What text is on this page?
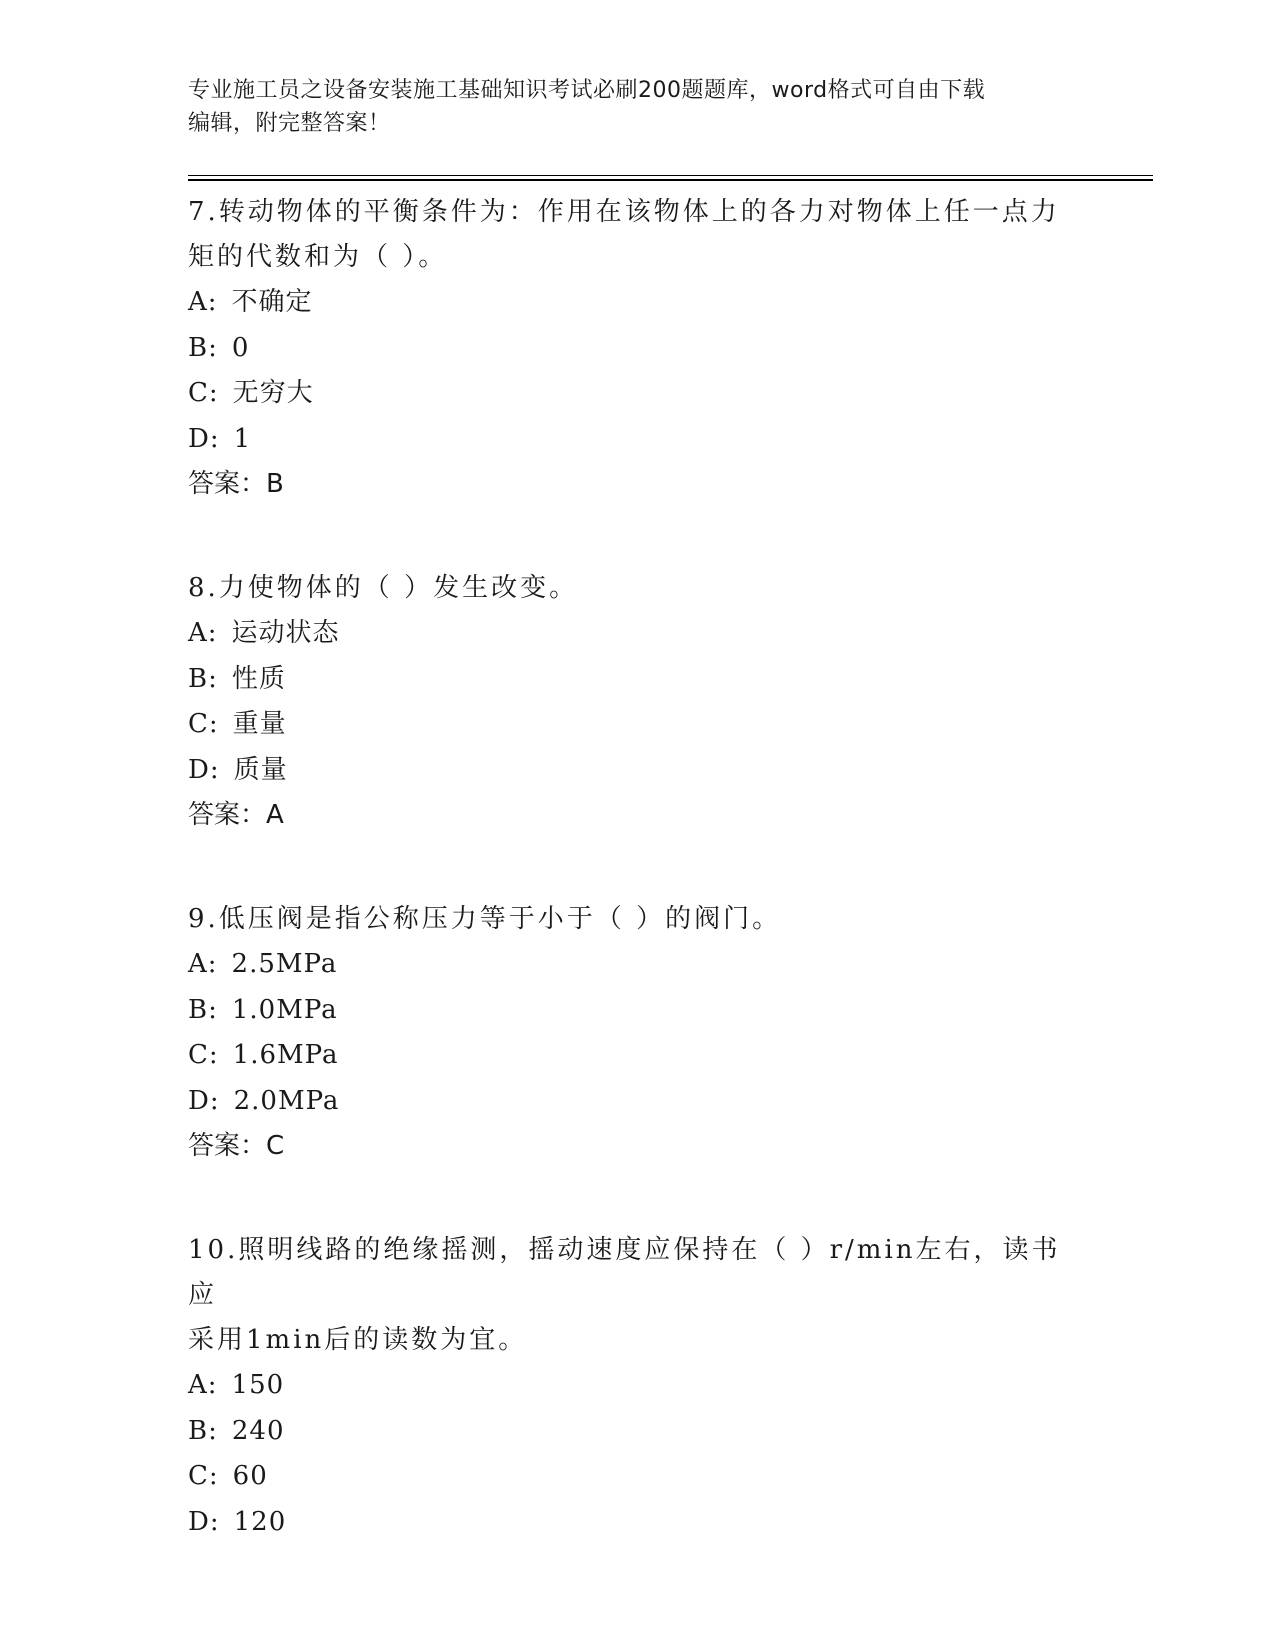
专业施工员之设备安装施工基础知识考试必刷200题题库，word格式可自由下载
编辑，附完整答案！

7.转动物体的平衡条件为：作用在该物体上的各力对物体上任一点力

矩的代数和为（ ）。

A: 不确定

B: 0

C: 无穷大

D: 1

答案：B

8.力使物体的（ ）发生改变。

A: 运动状态

B: 性质

C: 重量

D: 质量

答案：A

9.低压阀是指公称压力等于小于（ ）的阀门。

A: 2.5MPa

B: 1.0MPa

C: 1.6MPa

D: 2.0MPa

答案：C

10.照明线路的绝缘摇测，摇动速度应保持在（ ）r/min左右，读书应

采用1min后的读数为宜。

A: 150

B: 240

C: 60

D: 120
